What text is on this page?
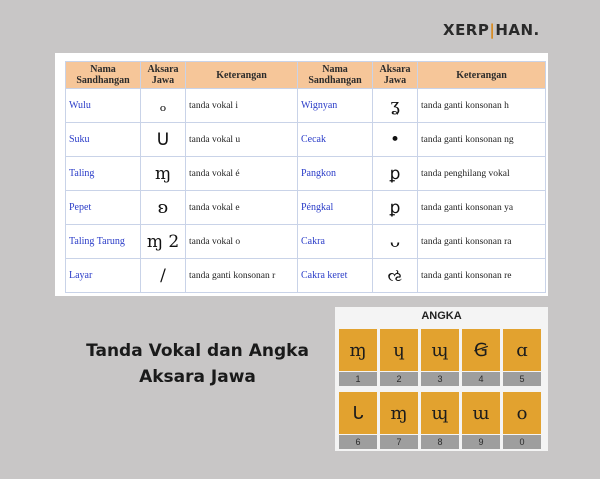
XERP|HAN.
Nama Sandhangan	Aksara Jawa	Keterangan	Nama Sandhangan	Aksara Jawa	Keterangan
Wulu	ₒ	tanda vokal i	Wignyan	ʓ	tanda ganti konsonan h
Suku	ᑌ	tanda vokal u	Cecak	•	tanda ganti konsonan ng
Taling	ɱ	tanda vokal é	Pangkon	ꝑ	tanda penghilang vokal
Pepet	ʚ	tanda vokal e	Péngkal	ꝑ	tanda ganti konsonan ya
Taling Tarung	ɱ 2	tanda vokal o	Cakra	ᴗ	tanda ganti konsonan ra
Layar	/	tanda ganti konsonan r	Cakra keret	ઌ	tanda ganti konsonan re
Tanda Vokal dan Angka
Aksara Jawa
ANGKA
ɱ
1
ɥ
2
ɰ
3
Ꞡ
4
ɑ
5
ᒐ
6
ɱ
7
ɰ
8
ɯ
9
o
0
